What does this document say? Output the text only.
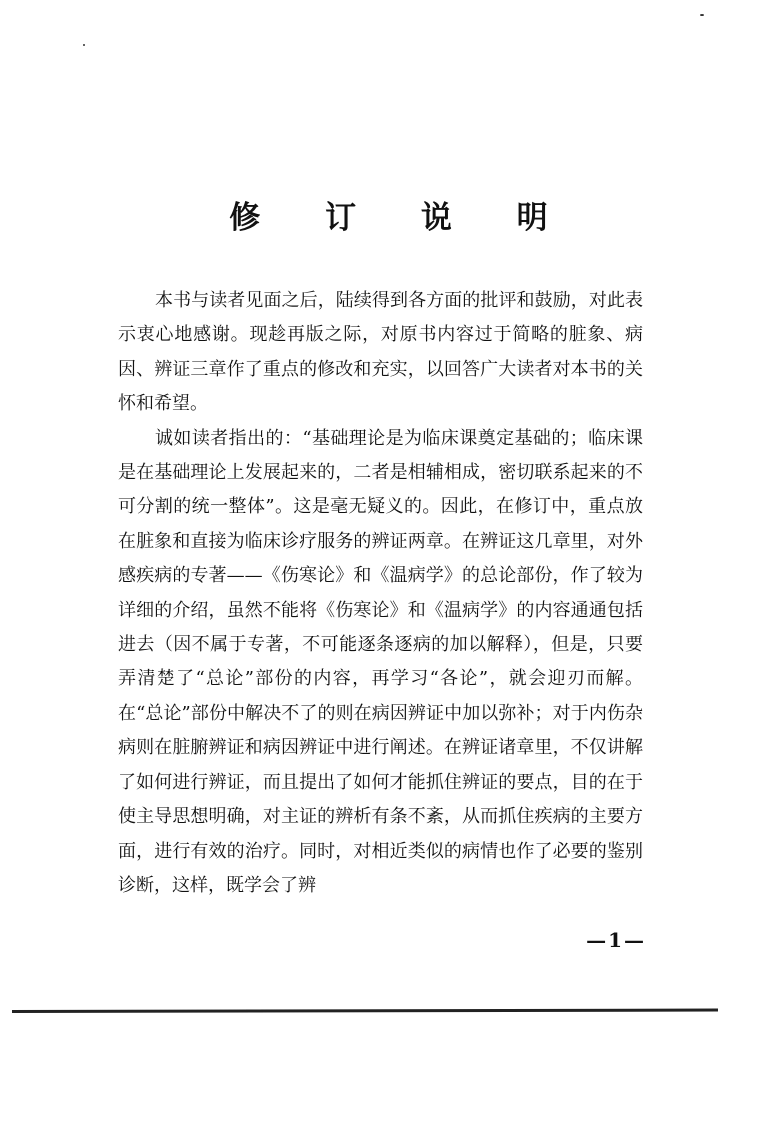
修 订 说 明

本书与读者见面之后，陆续得到各方面的批评和鼓励，对此表示衷心地感谢。现趁再版之际，对原书内容过于简略的脏象、病因、辨证三章作了重点的修改和充实，以回答广大读者对本书的关怀和希望。

诚如读者指出的：“基础理论是为临床课奠定基础的；临床课是在基础理论上发展起来的，二者是相辅相成，密切联系起来的不可分割的统一整体”。这是毫无疑义的。因此，在修订中，重点放在脏象和直接为临床诊疗服务的辨证两章。在辨证这几章里，对外感疾病的专著——《伤寒论》和《温病学》的总论部份，作了较为详细的介绍，虽然不能将《伤寒论》和《温病学》的内容通通包括进去（因不属于专著，不可能逐条逐病的加以解释），但是，只要弄清楚了“总论”部份的内容，再学习“各论”，就会迎刃而解。在“总论”部份中解决不了的则在病因辨证中加以弥补；对于内伤杂病则在脏腑辨证和病因辨证中进行阐述。在辨证诸章里，不仅讲解了如何进行辨证，而且提出了如何才能抓住辨证的要点，目的在于使主导思想明确，对主证的辨析有条不紊，从而抓住疾病的主要方面，进行有效的治疗。同时，对相近类似的病情也作了必要的鉴别诊断，这样，既学会了辨

—1—
